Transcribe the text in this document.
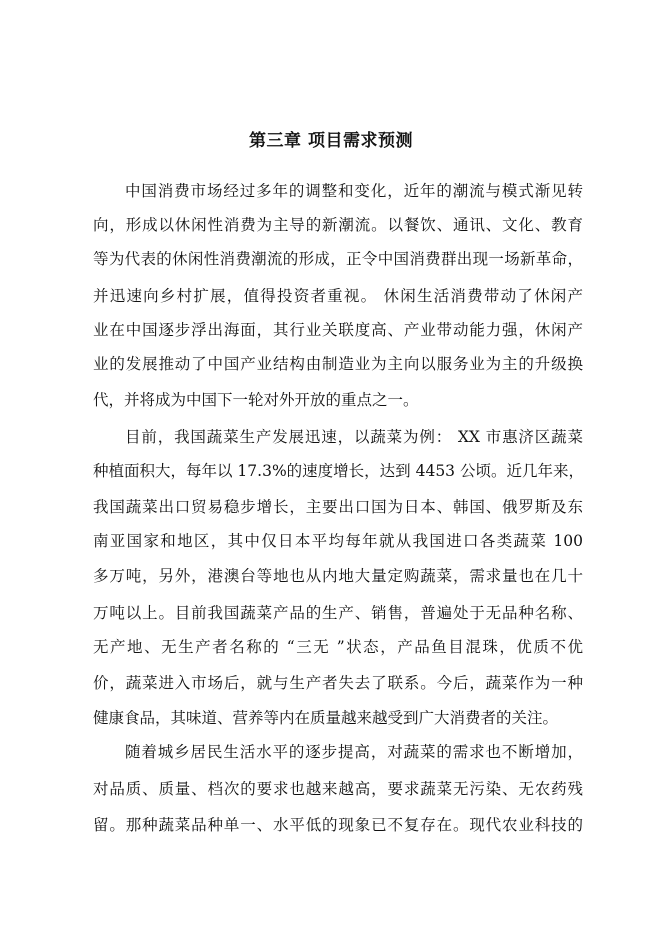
第三章 项目需求预测
中国消费市场经过多年的调整和变化，近年的潮流与模式渐见转
向，形成以休闲性消费为主导的新潮流。以餐饮、通讯、文化、教育
等为代表的休闲性消费潮流的形成，正令中国消费群出现一场新革命，
并迅速向乡村扩展，值得投资者重视。 休闲生活消费带动了休闲产
业在中国逐步浮出海面，其行业关联度高、产业带动能力强，休闲产
业的发展推动了中国产业结构由制造业为主向以服务业为主的升级换
代，并将成为中国下一轮对外开放的重点之一。
目前，我国蔬菜生产发展迅速，以蔬菜为例： XX 市惠济区蔬菜
种植面积大，每年以 17.3%的速度增长，达到 4453 公顷。近几年来，
我国蔬菜出口贸易稳步增长，主要出口国为日本、韩国、俄罗斯及东
南亚国家和地区，其中仅日本平均每年就从我国进口各类蔬菜 100
多万吨，另外，港澳台等地也从内地大量定购蔬菜，需求量也在几十
万吨以上。目前我国蔬菜产品的生产、销售，普遍处于无品种名称、
无产地、无生产者名称的 “三无 ”状态，产品鱼目混珠，优质不优
价，蔬菜进入市场后，就与生产者失去了联系。今后，蔬菜作为一种
健康食品，其味道、营养等内在质量越来越受到广大消费者的关注。
随着城乡居民生活水平的逐步提高，对蔬菜的需求也不断增加，
对品质、质量、档次的要求也越来越高，要求蔬菜无污染、无农药残
留。那种蔬菜品种单一、水平低的现象已不复存在。现代农业科技的
